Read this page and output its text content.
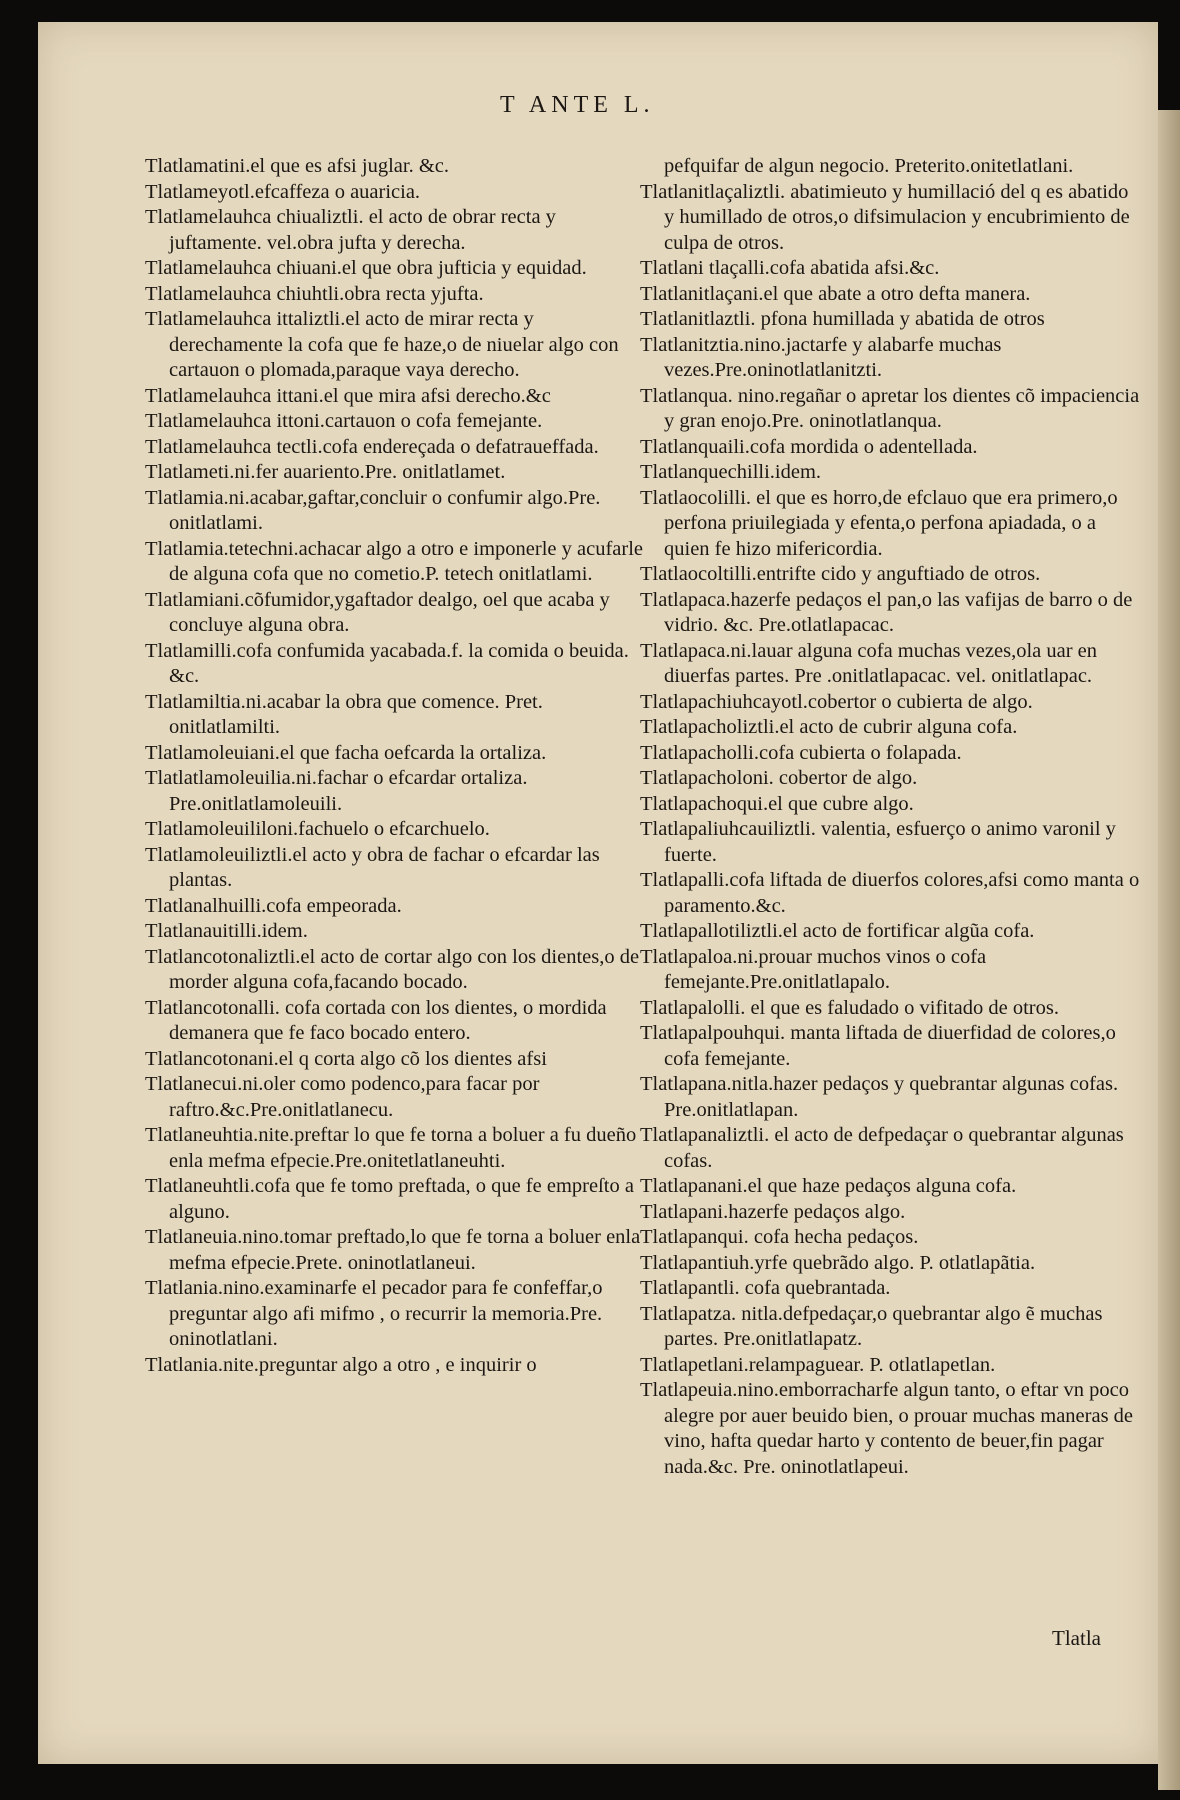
T ANTE L.

Tlatlamatini.el que es afsi juglar. &c.

Tlatlameyotl.efcaffeza o auaricia.

Tlatlamelauhca chiualiztli. el acto de obrar recta y juftamente. vel.obra jufta y derecha.

Tlatlamelauhca chiuani.el que obra jufticia y equidad.

Tlatlamelauhca chiuhtli.obra recta yjufta.

Tlatlamelauhca ittaliztli.el acto de mirar recta y derechamente la cofa que fe haze,o de niuelar algo con cartauon o plomada,paraque vaya derecho.

Tlatlamelauhca ittani.el que mira afsi derecho.&c

Tlatlamelauhca ittoni.cartauon o cofa femejante.

Tlatlamelauhca tectli.cofa endereçada o defatraueffada.

Tlatlameti.ni.fer auariento.Pre. onitlatlamet.

Tlatlamia.ni.acabar,gaftar,concluir o confumir algo.Pre. onitlatlami.

Tlatlamia.tetechni.achacar algo a otro e imponerle y acufarle de alguna cofa que no cometio.P. tetech onitlatlami.

Tlatlamiani.cõfumidor,ygaftador dealgo, oel que acaba y concluye alguna obra.

Tlatlamilli.cofa confumida yacabada.f. la comida o beuida. &c.

Tlatlamiltia.ni.acabar la obra que comence. Pret. onitlatlamilti.

Tlatlamoleuiani.el que facha oefcarda la ortaliza.

Tlatlatlamoleuilia.ni.fachar o efcardar ortaliza. Pre.onitlatlamoleuili.

Tlatlamoleuililoni.fachuelo o efcarchuelo.

Tlatlamoleuiliztli.el acto y obra de fachar o efcardar las plantas.

Tlatlanalhuilli.cofa empeorada.

Tlatlanauitilli.idem.

Tlatlancotonaliztli.el acto de cortar algo con los dientes,o de morder alguna cofa,facando bocado.

Tlatlancotonalli. cofa cortada con los dientes, o mordida demanera que fe faco bocado entero.

Tlatlancotonani.el q corta algo cõ los dientes afsi

Tlatlanecui.ni.oler como podenco,para facar por raftro.&c.Pre.onitlatlanecu.

Tlatlaneuhtia.nite.preftar lo que fe torna a boluer a fu dueño enla mefma efpecie.Pre.onitetlatlaneuhti.

Tlatlaneuhtli.cofa que fe tomo preftada, o que fe empreſto a alguno.

Tlatlaneuia.nino.tomar preftado,lo que fe torna a boluer enla mefma efpecie.Prete. oninotlatlaneui.

Tlatlania.nino.examinarfe el pecador para fe confeffar,o preguntar algo afi mifmo , o recurrir la memoria.Pre. oninotlatlani.

Tlatlania.nite.preguntar algo a otro , e inquirir o

pefquifar de algun negocio. Preterito.onitetlatlani.

Tlatlanitlaçaliztli. abatimieuto y humillació del q es abatido y humillado de otros,o difsimulacion y encubrimiento de culpa de otros.

Tlatlani tlaçalli.cofa abatida afsi.&c.

Tlatlanitlaçani.el que abate a otro defta manera.

Tlatlanitlaztli. pfona humillada y abatida de otros

Tlatlanitztia.nino.jactarfe y alabarfe muchas vezes.Pre.oninotlatlanitzti.

Tlatlanqua. nino.regañar o apretar los dientes cõ impaciencia y gran enojo.Pre. oninotlatlanqua.

Tlatlanquaili.cofa mordida o adentellada.

Tlatlanquechilli.idem.

Tlatlaocolilli. el que es horro,de efclauo que era primero,o perfona priuilegiada y efenta,o perfona apiadada, o a quien fe hizo mifericordia.

Tlatlaocoltilli.entrifte cido y anguftiado de otros.

Tlatlapaca.hazerfe pedaços el pan,o las vafijas de barro o de vidrio. &c. Pre.otlatlapacac.

Tlatlapaca.ni.lauar alguna cofa muchas vezes,ola uar en diuerfas partes. Pre .onitlatlapacac. vel. onitlatlapac.

Tlatlapachiuhcayotl.cobertor o cubierta de algo.

Tlatlapacholiztli.el acto de cubrir alguna cofa.

Tlatlapacholli.cofa cubierta o folapada.

Tlatlapacholoni. cobertor de algo.

Tlatlapachoqui.el que cubre algo.

Tlatlapaliuhcauiliztli. valentia, esfuerço o animo varonil y fuerte.

Tlatlapalli.cofa liftada de diuerfos colores,afsi como manta o paramento.&c.

Tlatlapallotiliztli.el acto de fortificar algũa cofa.

Tlatlapaloa.ni.prouar muchos vinos o cofa femejante.Pre.onitlatlapalo.

Tlatlapalolli. el que es faludado o vifitado de otros.

Tlatlapalpouhqui. manta liftada de diuerfidad de colores,o cofa femejante.

Tlatlapana.nitla.hazer pedaços y quebrantar algunas cofas. Pre.onitlatlapan.

Tlatlapanaliztli. el acto de defpedaçar o quebrantar algunas cofas.

Tlatlapanani.el que haze pedaços alguna cofa.

Tlatlapani.hazerfe pedaços algo.

Tlatlapanqui. cofa hecha pedaços.

Tlatlapantiuh.yrfe quebrãdo algo. P. otlatlapãtia.

Tlatlapantli. cofa quebrantada.

Tlatlapatza. nitla.defpedaçar,o quebrantar algo ẽ muchas partes. Pre.onitlatlapatz.

Tlatlapetlani.relampaguear. P. otlatlapetlan.

Tlatlapeuia.nino.emborracharfe algun tanto, o eftar vn poco alegre por auer beuido bien, o prouar muchas maneras de vino, hafta quedar harto y contento de beuer,fin pagar nada.&c. Pre. oninotlatlapeui.

Tlatla
